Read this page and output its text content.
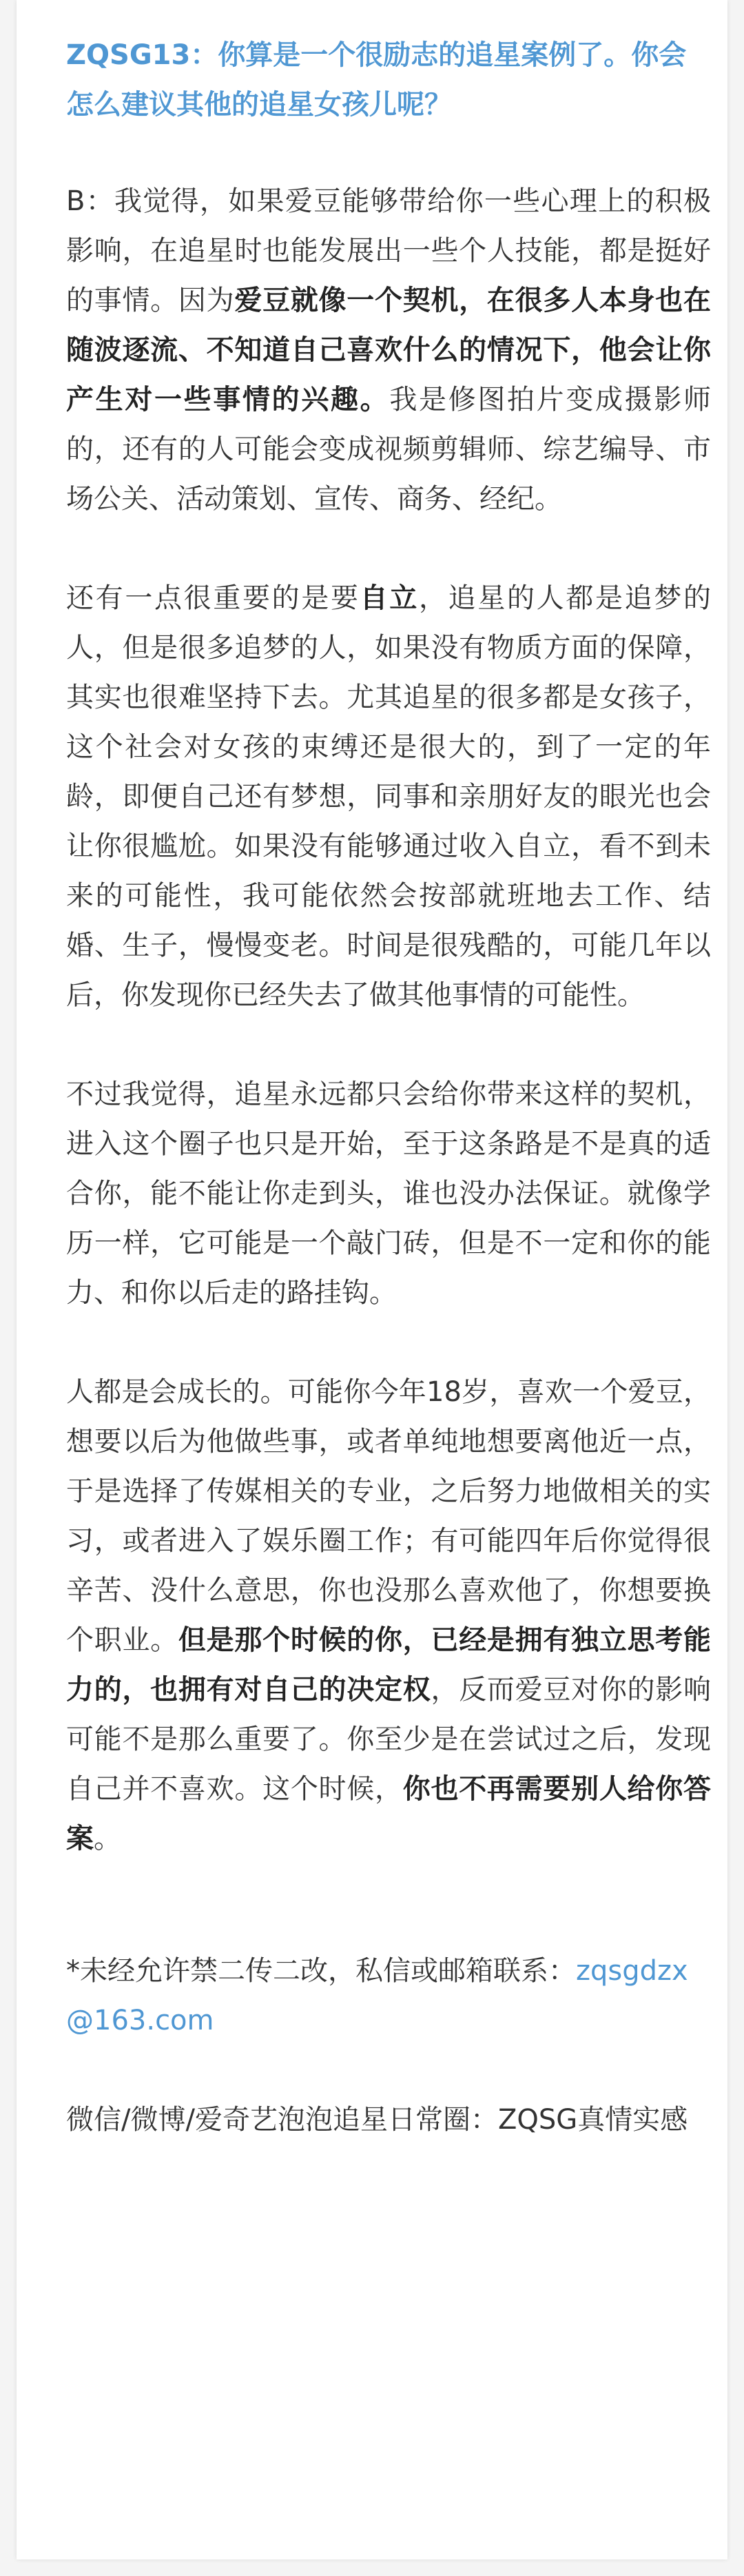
ZQSG13：你算是一个很励志的追星案例了。你会怎么建议其他的追星女孩儿呢？

B：我觉得，如果爱豆能够带给你一些心理上的积极影响，在追星时也能发展出一些个人技能，都是挺好的事情。因为爱豆就像一个契机，在很多人本身也在随波逐流、不知道自己喜欢什么的情况下，他会让你产生对一些事情的兴趣。我是修图拍片变成摄影师的，还有的人可能会变成视频剪辑师、综艺编导、市场公关、活动策划、宣传、商务、经纪。

还有一点很重要的是要自立，追星的人都是追梦的人，但是很多追梦的人，如果没有物质方面的保障，其实也很难坚持下去。尤其追星的很多都是女孩子，这个社会对女孩的束缚还是很大的，到了一定的年龄，即便自己还有梦想，同事和亲朋好友的眼光也会让你很尴尬。如果没有能够通过收入自立，看不到未来的可能性，我可能依然会按部就班地去工作、结婚、生子，慢慢变老。时间是很残酷的，可能几年以后，你发现你已经失去了做其他事情的可能性。

不过我觉得，追星永远都只会给你带来这样的契机，进入这个圈子也只是开始，至于这条路是不是真的适合你，能不能让你走到头，谁也没办法保证。就像学历一样，它可能是一个敲门砖，但是不一定和你的能力、和你以后走的路挂钩。

人都是会成长的。可能你今年18岁，喜欢一个爱豆，想要以后为他做些事，或者单纯地想要离他近一点，于是选择了传媒相关的专业，之后努力地做相关的实习，或者进入了娱乐圈工作；有可能四年后你觉得很辛苦、没什么意思，你也没那么喜欢他了，你想要换个职业。但是那个时候的你，已经是拥有独立思考能力的，也拥有对自己的决定权，反而爱豆对你的影响可能不是那么重要了。你至少是在尝试过之后，发现自己并不喜欢。这个时候，你也不再需要别人给你答案。

*未经允许禁二传二改，私信或邮箱联系：zqsgdzx@163.com

微信/微博/爱奇艺泡泡追星日常圈：ZQSG真情实感
